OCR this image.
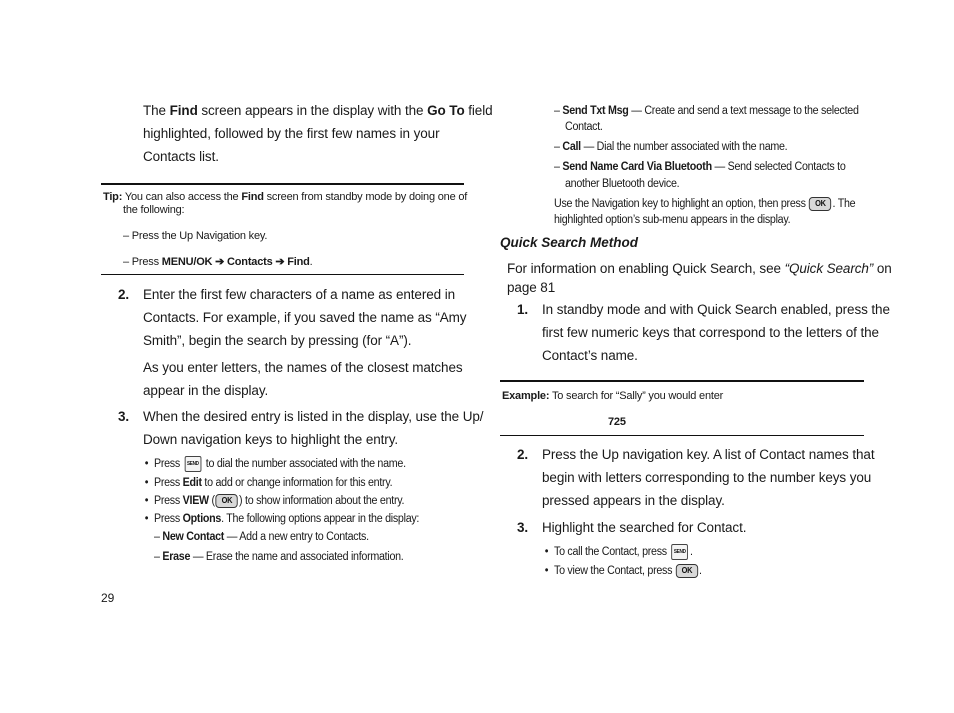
The Find screen appears in the display with the Go To field
highlighted, followed by the first few names in your
Contacts list.
Tip: You can also access the Find screen from standby mode by doing one of
the following:
– Press the Up Navigation key.
– Press MENU/OK ➔ Contacts ➔ Find.
2. Enter the first few characters of a name as entered in
Contacts. For example, if you saved the name as “Amy
Smith”, begin the search by pressing (for “A”).
As you enter letters, the names of the closest matches
appear in the display.
3. When the desired entry is listed in the display, use the Up/
Down navigation keys to highlight the entry.
• Press SEND to dial the number associated with the name.
• Press Edit to add or change information for this entry.
• Press VIEW ( OK ) to show information about the entry.
• Press Options. The following options appear in the display:
– New Contact — Add a new entry to Contacts.
– Erase — Erase the name and associated information.
29
– Send Txt Msg — Create and send a text message to the selected
Contact.
– Call — Dial the number associated with the name.
– Send Name Card Via Bluetooth — Send selected Contacts to
another Bluetooth device.
Use the Navigation key to highlight an option, then press OK . The
highlighted option’s sub-menu appears in the display.
Quick Search Method
For information on enabling Quick Search, see “Quick Search” on
page 81
1. In standby mode and with Quick Search enabled, press the
first few numeric keys that correspond to the letters of the
Contact’s name.
Example: To search for “Sally” you would enter
725
2. Press the Up navigation key. A list of Contact names that
begin with letters corresponding to the number keys you
pressed appears in the display.
3. Highlight the searched for Contact.
• To call the Contact, press SEND .
• To view the Contact, press OK .
